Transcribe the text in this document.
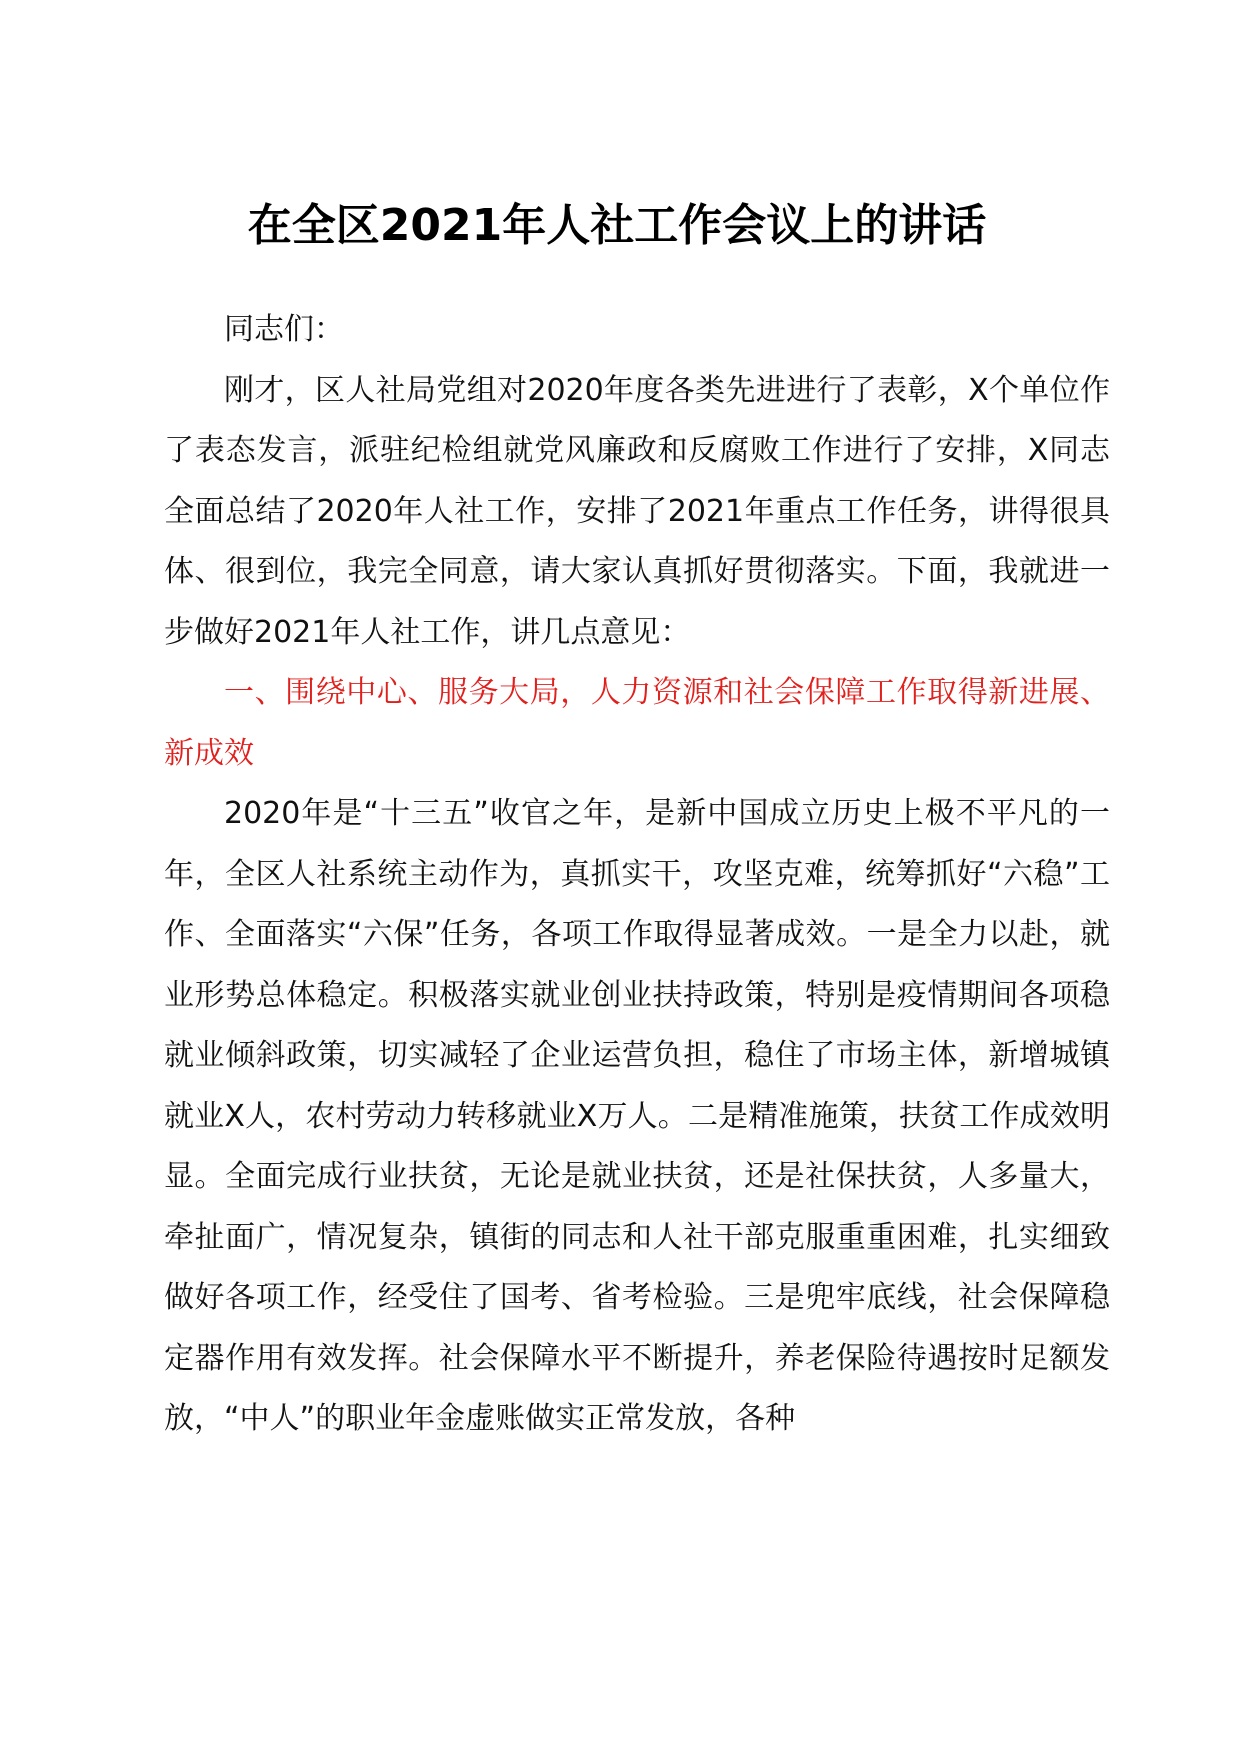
在全区2021年人社工作会议上的讲话

同志们：

刚才，区人社局党组对2020年度各类先进进行了表彰，X个单位作了表态发言，派驻纪检组就党风廉政和反腐败工作进行了安排，X同志全面总结了2020年人社工作，安排了2021年重点工作任务，讲得很具体、很到位，我完全同意，请大家认真抓好贯彻落实。下面，我就进一步做好2021年人社工作，讲几点意见：

一、围绕中心、服务大局，人力资源和社会保障工作取得新进展、新成效

2020年是“十三五”收官之年，是新中国成立历史上极不平凡的一年，全区人社系统主动作为，真抓实干，攻坚克难，统筹抓好“六稳”工作、全面落实“六保”任务，各项工作取得显著成效。一是全力以赴，就业形势总体稳定。积极落实就业创业扶持政策，特别是疫情期间各项稳就业倾斜政策，切实减轻了企业运营负担，稳住了市场主体，新增城镇就业X人，农村劳动力转移就业X万人。二是精准施策，扶贫工作成效明显。全面完成行业扶贫，无论是就业扶贫，还是社保扶贫，人多量大，牵扯面广，情况复杂，镇街的同志和人社干部克服重重困难，扎实细致做好各项工作，经受住了国考、省考检验。三是兜牢底线，社会保障稳定器作用有效发挥。社会保障水平不断提升，养老保险待遇按时足额发放，“中人”的职业年金虚账做实正常发放，各种
